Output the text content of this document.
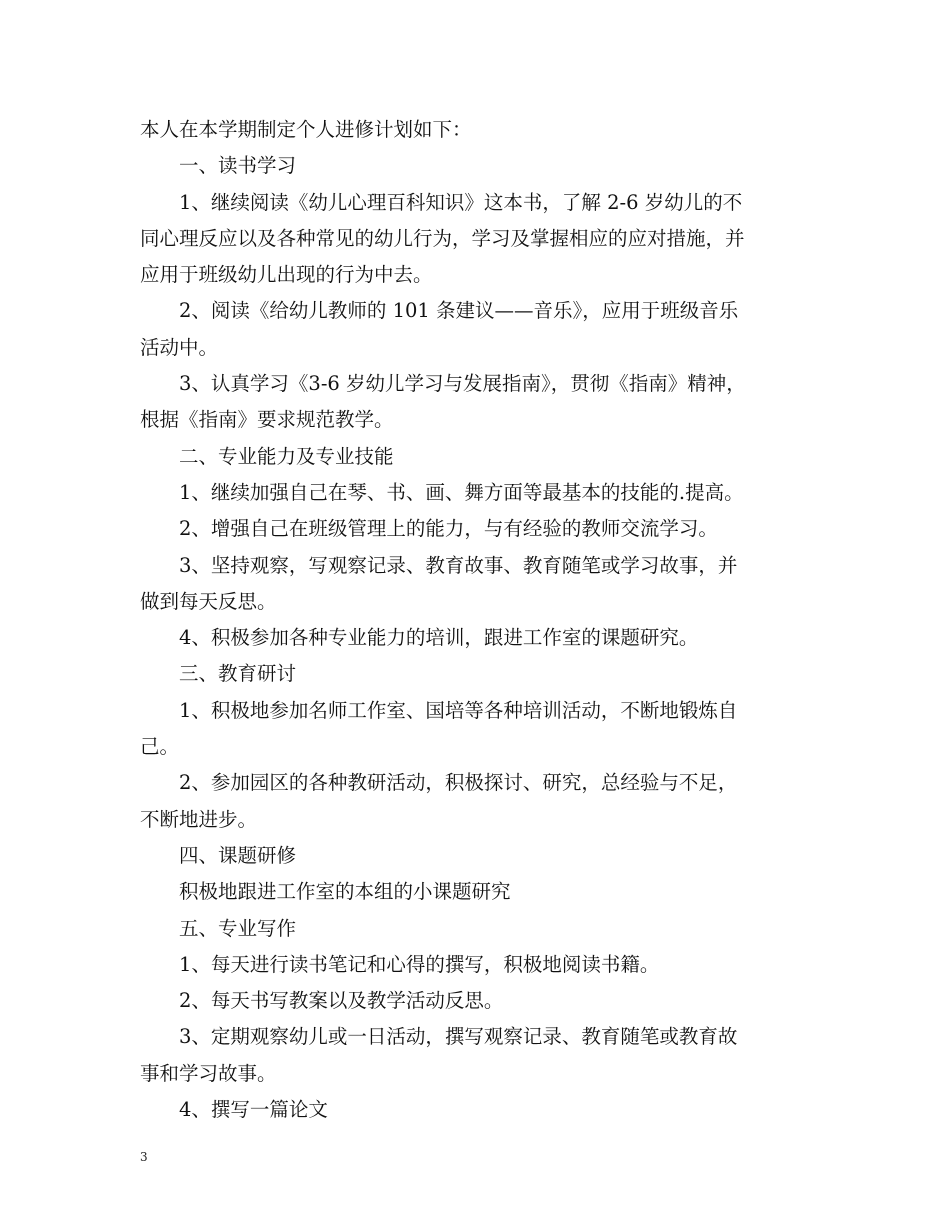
本人在本学期制定个人进修计划如下：
一、读书学习
1、继续阅读《幼儿心理百科知识》这本书，了解 2-6 岁幼儿的不
同心理反应以及各种常见的幼儿行为，学习及掌握相应的应对措施，并
应用于班级幼儿出现的行为中去。
2、阅读《给幼儿教师的 101 条建议——音乐》，应用于班级音乐
活动中。
3、认真学习《3-6 岁幼儿学习与发展指南》，贯彻《指南》精神，
根据《指南》要求规范教学。
二、专业能力及专业技能
1、继续加强自己在琴、书、画、舞方面等最基本的技能的.提高。
2、增强自己在班级管理上的能力，与有经验的教师交流学习。
3、坚持观察，写观察记录、教育故事、教育随笔或学习故事，并
做到每天反思。
4、积极参加各种专业能力的培训，跟进工作室的课题研究。
三、教育研讨
1、积极地参加名师工作室、国培等各种培训活动，不断地锻炼自
己。
2、参加园区的各种教研活动，积极探讨、研究，总经验与不足，
不断地进步。
四、课题研修
积极地跟进工作室的本组的小课题研究
五、专业写作
1、每天进行读书笔记和心得的撰写，积极地阅读书籍。
2、每天书写教案以及教学活动反思。
3、定期观察幼儿或一日活动，撰写观察记录、教育随笔或教育故
事和学习故事。
4、撰写一篇论文
3
